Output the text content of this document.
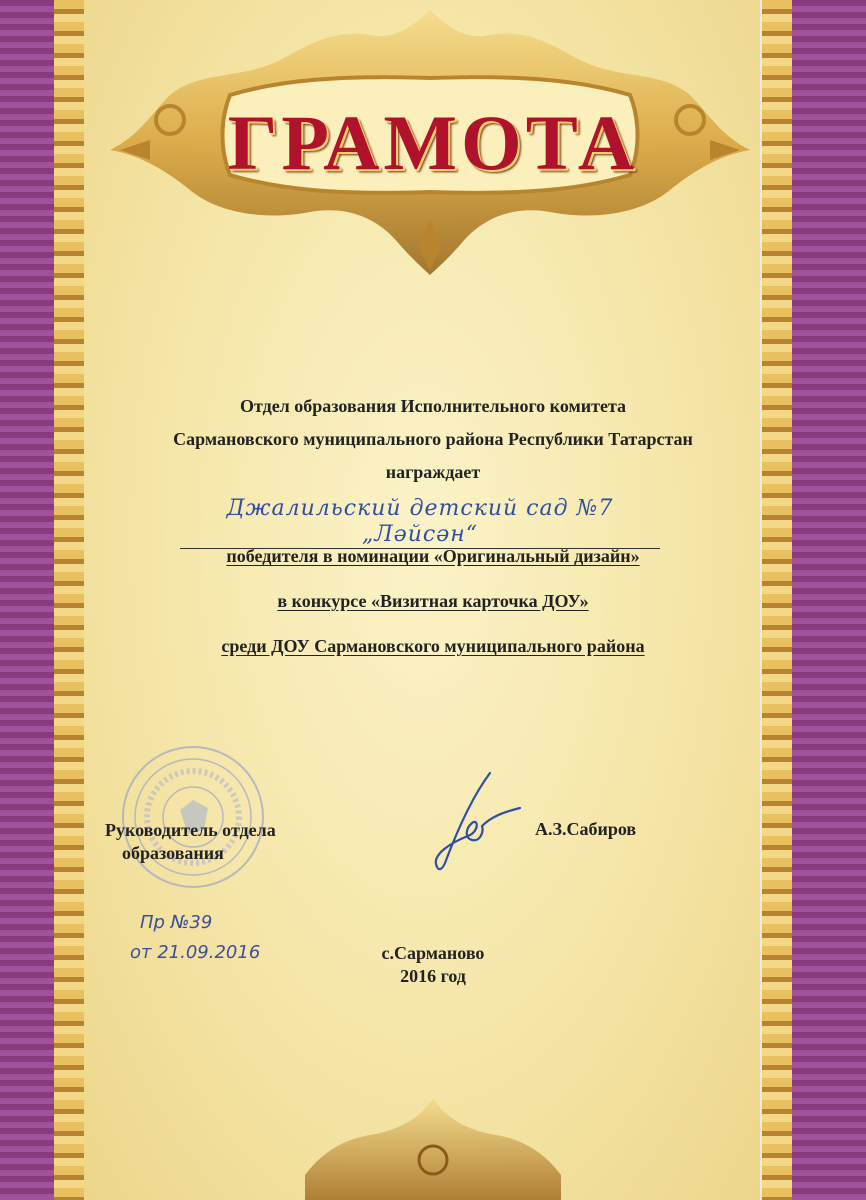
ГРАМОТА
Отдел образования Исполнительного комитета
Сармановского муниципального района Республики Татарстан
награждает
Джалильский детский сад №7 „Ләйсән“
победителя в номинации «Оригинальный дизайн»
в конкурсе «Визитная карточка ДОУ»
среди ДОУ Сармановского муниципального района
Руководитель отдела
образования
А.З.Сабиров
Пр №39
от 21.09.2016	с.Сарманово
2016 год
